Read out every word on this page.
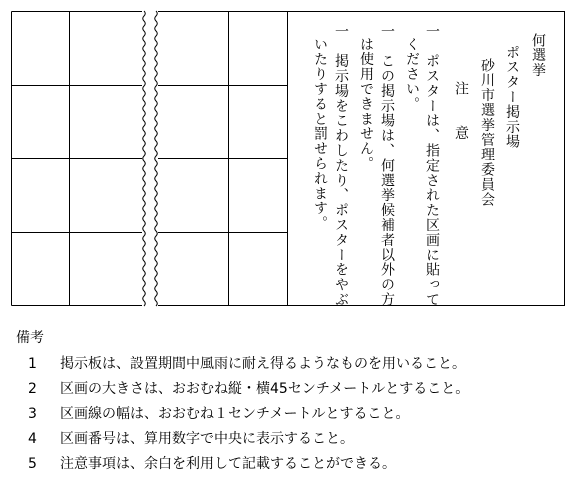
何選挙
ポスター掲示場
砂川市選挙管理委員会
注　　意
一　ポスターは、指定された区画に貼って
ください。
一　この掲示場は、何選挙候補者以外の方
は使用できません。
一　掲示場をこわしたり、ポスターをやぶ
いたりすると罰せられます。
備考
1 掲示板は、設置期間中風雨に耐え得るようなものを用いること。
2 区画の大きさは、おおむね縦・横45センチメートルとすること。
3 区画線の幅は、おおむね１センチメートルとすること。
4 区画番号は、算用数字で中央に表示すること。
5 注意事項は、余白を利用して記載することができる。
